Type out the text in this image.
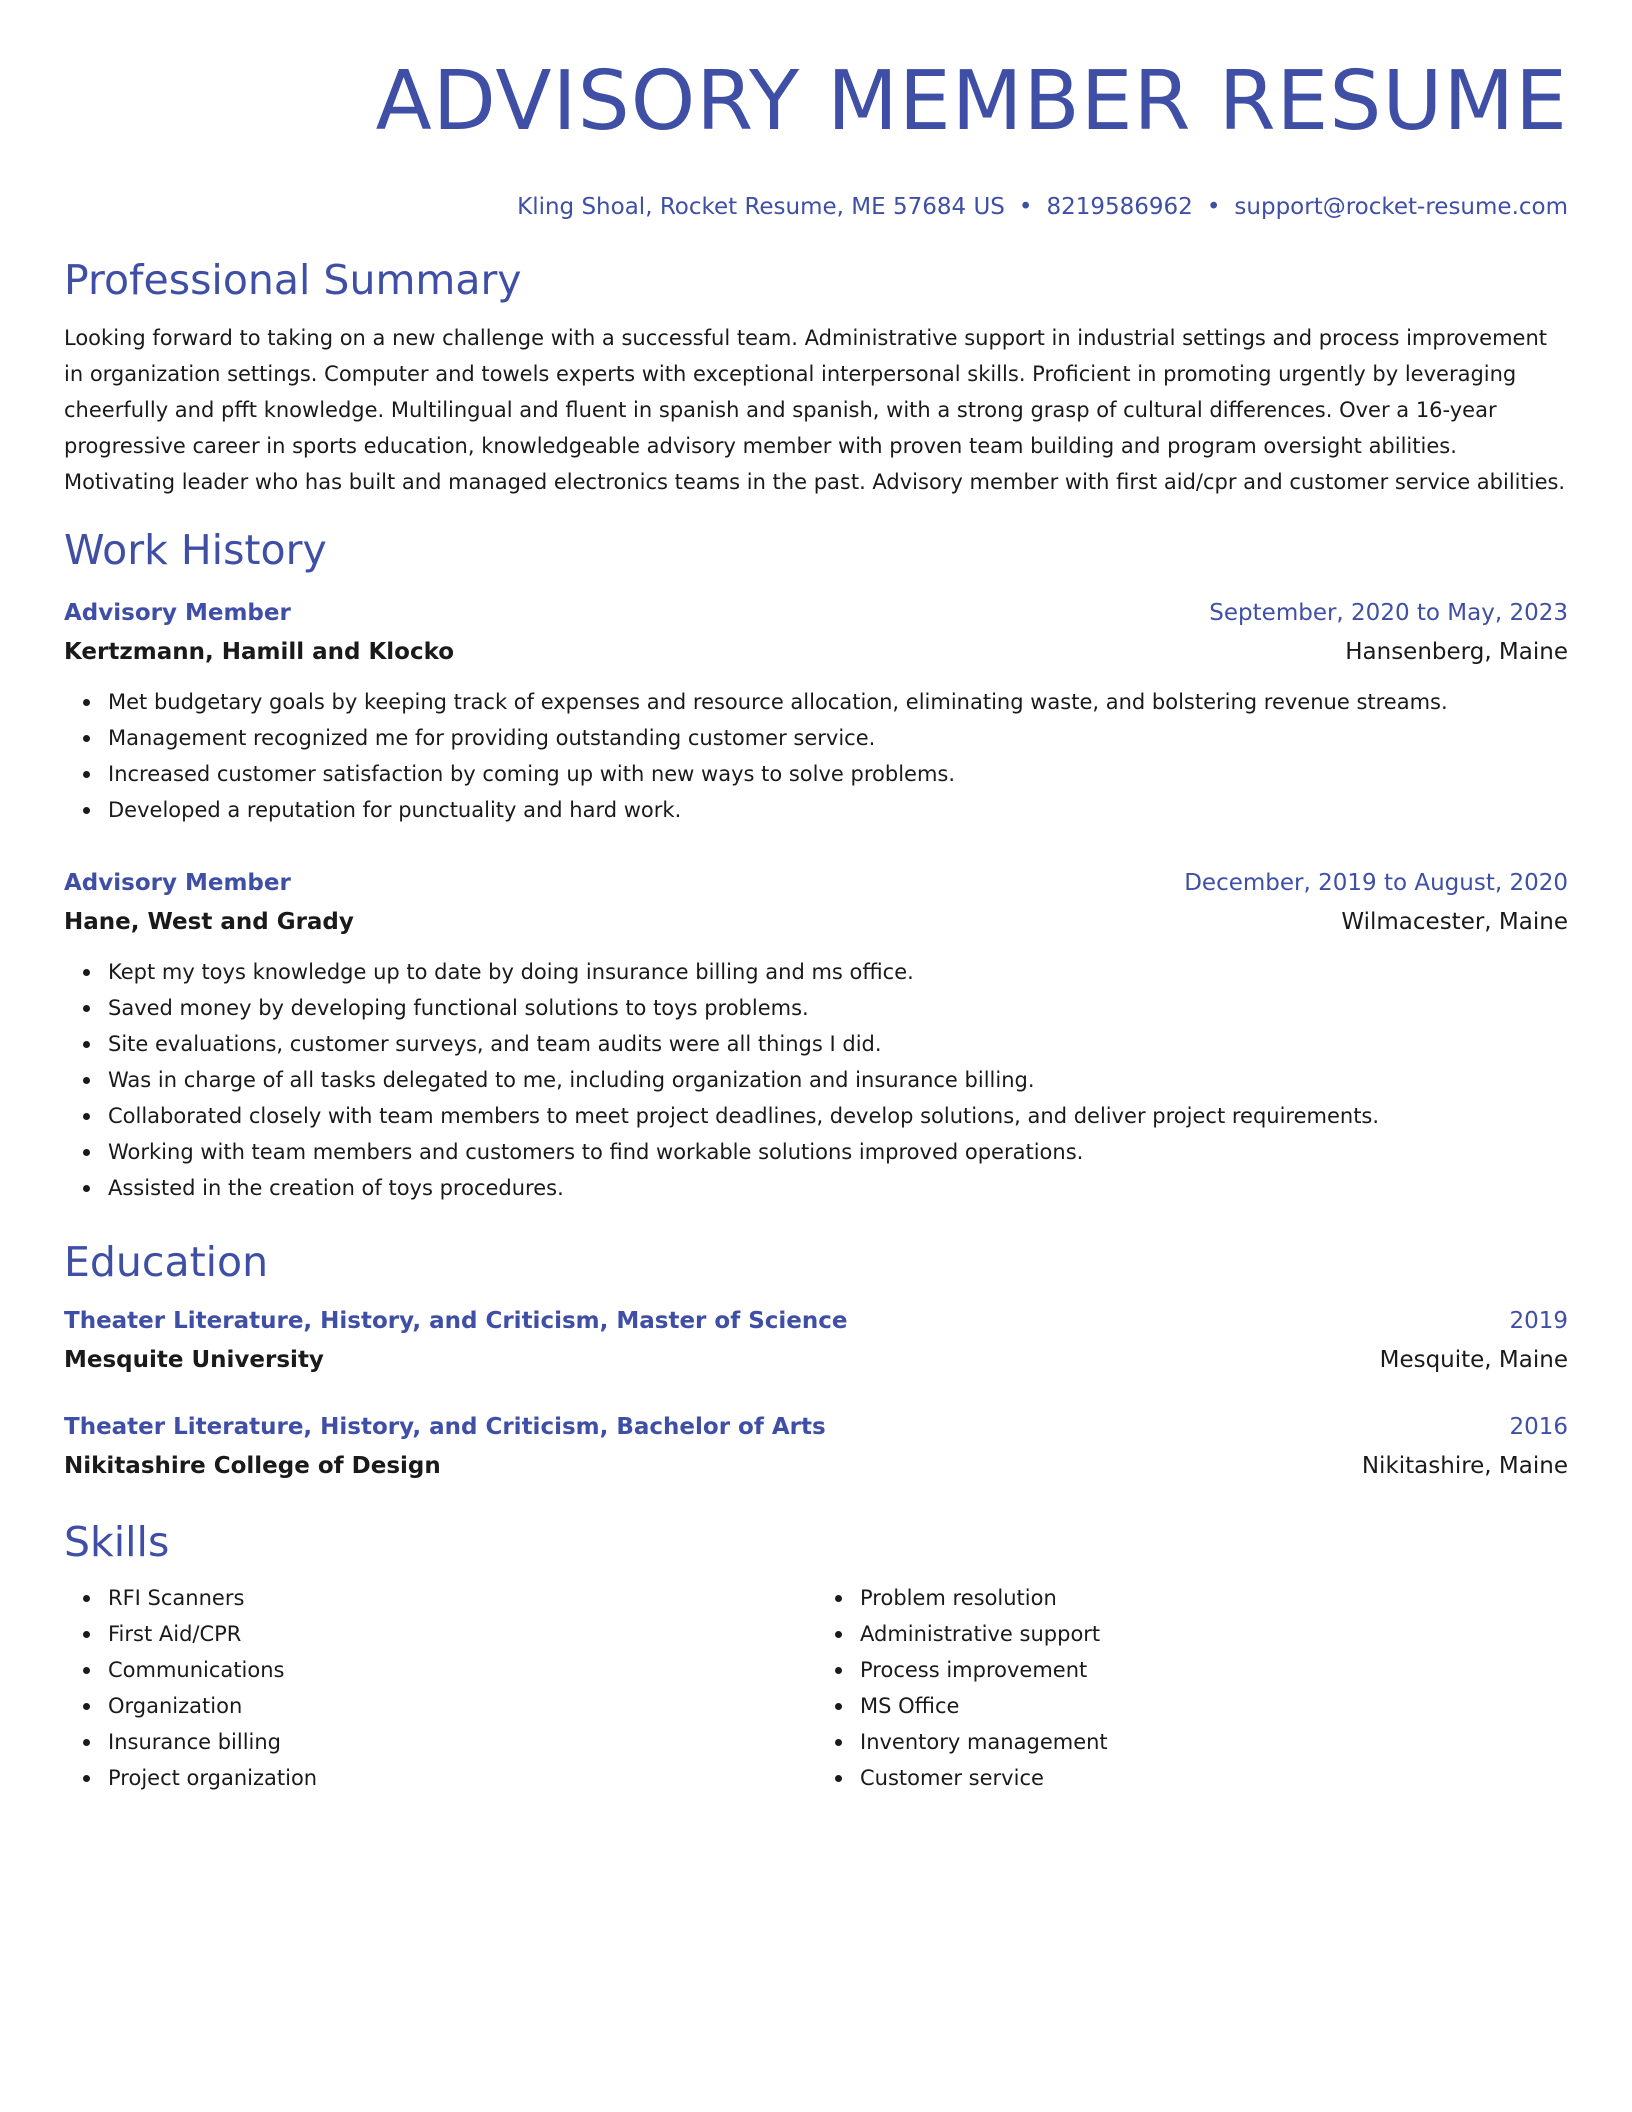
ADVISORY MEMBER RESUME
Kling Shoal, Rocket Resume, ME 57684 US • 8219586962 • support@rocket-resume.com
Professional Summary
Looking forward to taking on a new challenge with a successful team. Administrative support in industrial settings and process improvement in organization settings. Computer and towels experts with exceptional interpersonal skills. Proficient in promoting urgently by leveraging cheerfully and pfft knowledge. Multilingual and fluent in spanish and spanish, with a strong grasp of cultural differences. Over a 16-year progressive career in sports education, knowledgeable advisory member with proven team building and program oversight abilities. Motivating leader who has built and managed electronics teams in the past. Advisory member with first aid/cpr and customer service abilities.
Work History
Advisory Member	September, 2020 to May, 2023
Kertzmann, Hamill and Klocko	Hansenberg, Maine
Met budgetary goals by keeping track of expenses and resource allocation, eliminating waste, and bolstering revenue streams.
Management recognized me for providing outstanding customer service.
Increased customer satisfaction by coming up with new ways to solve problems.
Developed a reputation for punctuality and hard work.
Advisory Member	December, 2019 to August, 2020
Hane, West and Grady	Wilmacester, Maine
Kept my toys knowledge up to date by doing insurance billing and ms office.
Saved money by developing functional solutions to toys problems.
Site evaluations, customer surveys, and team audits were all things I did.
Was in charge of all tasks delegated to me, including organization and insurance billing.
Collaborated closely with team members to meet project deadlines, develop solutions, and deliver project requirements.
Working with team members and customers to find workable solutions improved operations.
Assisted in the creation of toys procedures.
Education
Theater Literature, History, and Criticism, Master of Science	2019
Mesquite University	Mesquite, Maine
Theater Literature, History, and Criticism, Bachelor of Arts	2016
Nikitashire College of Design	Nikitashire, Maine
Skills
RFI Scanners
First Aid/CPR
Communications
Organization
Insurance billing
Project organization
Problem resolution
Administrative support
Process improvement
MS Office
Inventory management
Customer service
